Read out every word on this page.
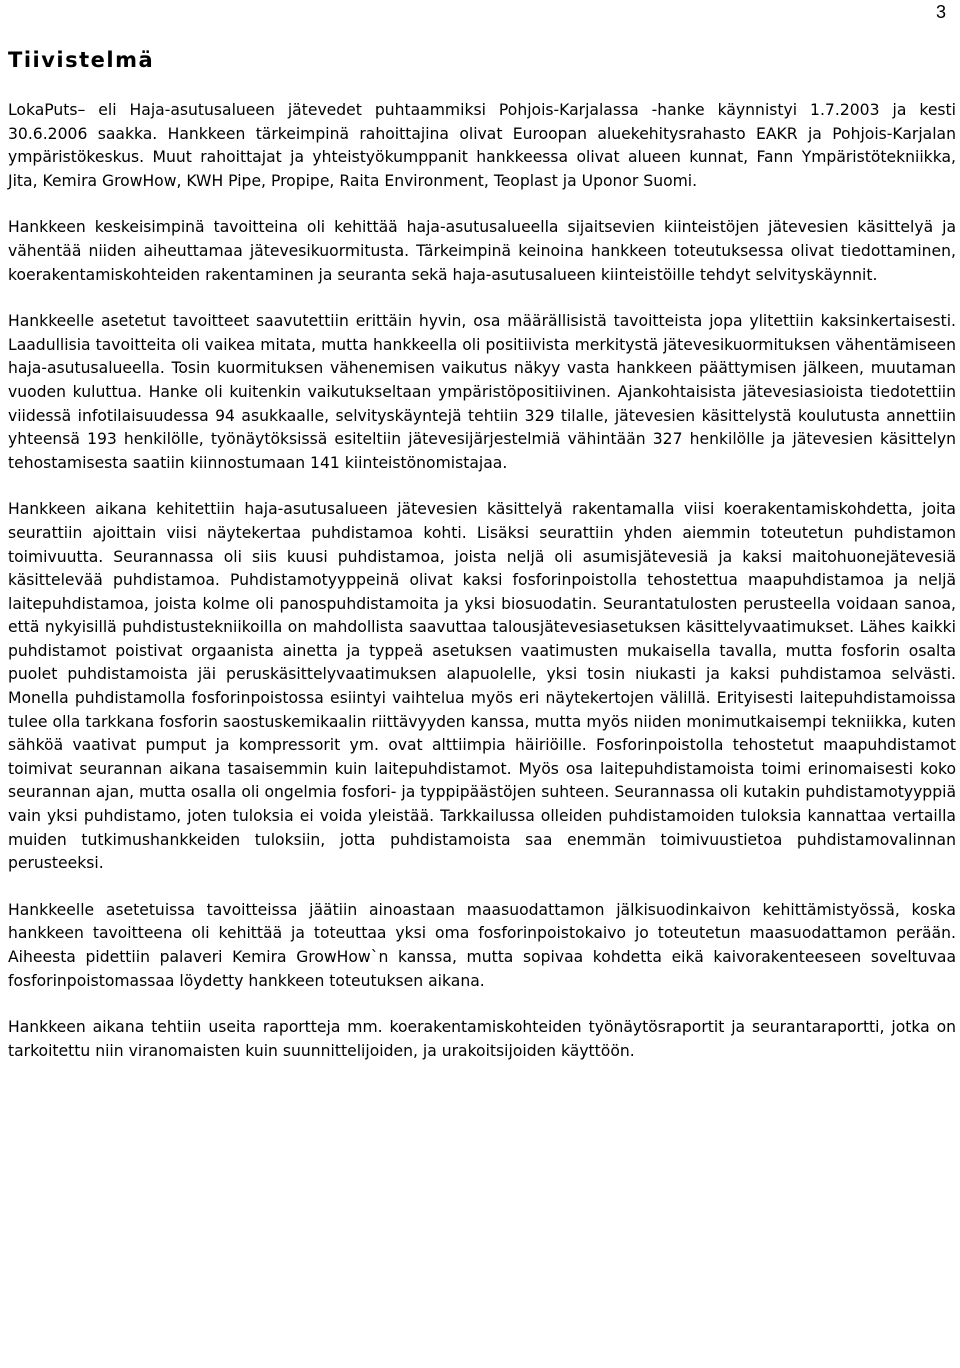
3
Tiivistelmä

LokaPuts– eli Haja-asutusalueen jätevedet puhtaammiksi Pohjois-Karjalassa -hanke käynnistyi 1.7.2003 ja kesti 30.6.2006 saakka. Hankkeen tärkeimpinä rahoittajina olivat Euroopan aluekehitysrahasto EAKR ja Pohjois-Karjalan ympäristökeskus. Muut rahoittajat ja yhteistyökumppanit hankkeessa olivat alueen kunnat, Fann Ympäristötekniikka, Jita, Kemira GrowHow, KWH Pipe, Propipe, Raita Environment, Teoplast ja Uponor Suomi.

Hankkeen keskeisimpinä tavoitteina oli kehittää haja-asutusalueella sijaitsevien kiinteistöjen jätevesien käsittelyä ja vähentää niiden aiheuttamaa jätevesikuormitusta. Tärkeimpinä keinoina hankkeen toteutuksessa olivat tiedottaminen, koerakentamiskohteiden rakentaminen ja seuranta sekä haja-asutusalueen kiinteistöille tehdyt selvityskäynnit.

Hankkeelle asetetut tavoitteet saavutettiin erittäin hyvin, osa määrällisistä tavoitteista jopa ylitettiin kaksinkertaisesti. Laadullisia tavoitteita oli vaikea mitata, mutta hankkeella oli positiivista merkitystä jätevesikuormituksen vähentämiseen haja-asutusalueella. Tosin kuormituksen vähenemisen vaikutus näkyy vasta hankkeen päättymisen jälkeen, muutaman vuoden kuluttua. Hanke oli kuitenkin vaikutukseltaan ympäristöpositiivinen. Ajankohtaisista jätevesiasioista tiedotettiin viidessä infotilaisuudessa 94 asukkaalle, selvityskäyntejä tehtiin 329 tilalle, jätevesien käsittelystä koulutusta annettiin yhteensä 193 henkilölle, työnäytöksissä esiteltiin jätevesijärjestelmiä vähintään 327 henkilölle ja jätevesien käsittelyn tehostamisesta saatiin kiinnostumaan 141 kiinteistönomistajaa.

Hankkeen aikana kehitettiin haja-asutusalueen jätevesien käsittelyä rakentamalla viisi koerakentamiskohdetta, joita seurattiin ajoittain viisi näytekertaa puhdistamoa kohti. Lisäksi seurattiin yhden aiemmin toteutetun puhdistamon toimivuutta. Seurannassa oli siis kuusi puhdistamoa, joista neljä oli asumisjätevesiä ja kaksi maitohuonejätevesiä käsittelevää puhdistamoa. Puhdistamotyyppeinä olivat kaksi fosforinpoistolla tehostettua maapuhdistamoa ja neljä laitepuhdistamoa, joista kolme oli panospuhdistamoita ja yksi biosuodatin. Seurantatulosten perusteella voidaan sanoa, että nykyisillä puhdistustekniikoilla on mahdollista saavuttaa talousjätevesiasetuksen käsittelyvaatimukset. Lähes kaikki puhdistamot poistivat orgaanista ainetta ja typpeä asetuksen vaatimusten mukaisella tavalla, mutta fosforin osalta puolet puhdistamoista jäi peruskäsittelyvaatimuksen alapuolelle, yksi tosin niukasti ja kaksi puhdistamoa selvästi. Monella puhdistamolla fosforinpoistossa esiintyi vaihtelua myös eri näytekertojen välillä. Erityisesti laitepuhdistamoissa tulee olla tarkkana fosforin saostuskemikaalin riittävyyden kanssa, mutta myös niiden monimutkaisempi tekniikka, kuten sähköä vaativat pumput ja kompressorit ym. ovat alttiimpia häiriöille. Fosforinpoistolla tehostetut maapuhdistamot toimivat seurannan aikana tasaisemmin kuin laitepuhdistamot. Myös osa laitepuhdistamoista toimi erinomaisesti koko seurannan ajan, mutta osalla oli ongelmia fosfori- ja typpipäästöjen suhteen. Seurannassa oli kutakin puhdistamotyyppiä vain yksi puhdistamo, joten tuloksia ei voida yleistää. Tarkkailussa olleiden puhdistamoiden tuloksia kannattaa vertailla muiden tutkimushankkeiden tuloksiin, jotta puhdistamoista saa enemmän toimivuustietoa puhdistamovalinnan perusteeksi.

Hankkeelle asetetuissa tavoitteissa jäätiin ainoastaan maasuodattamon jälkisuodinkaivon kehittämistyössä, koska hankkeen tavoitteena oli kehittää ja toteuttaa yksi oma fosforinpoistokaivo jo toteutetun maasuodattamon perään. Aiheesta pidettiin palaveri Kemira GrowHow`n kanssa, mutta sopivaa kohdetta eikä kaivorakenteeseen soveltuvaa fosforinpoistomassaa löydetty hankkeen toteutuksen aikana.

Hankkeen aikana tehtiin useita raportteja mm. koerakentamiskohteiden työnäytösraportit ja seurantaraportti, jotka on tarkoitettu niin viranomaisten kuin suunnittelijoiden, ja urakoitsijoiden käyttöön.
